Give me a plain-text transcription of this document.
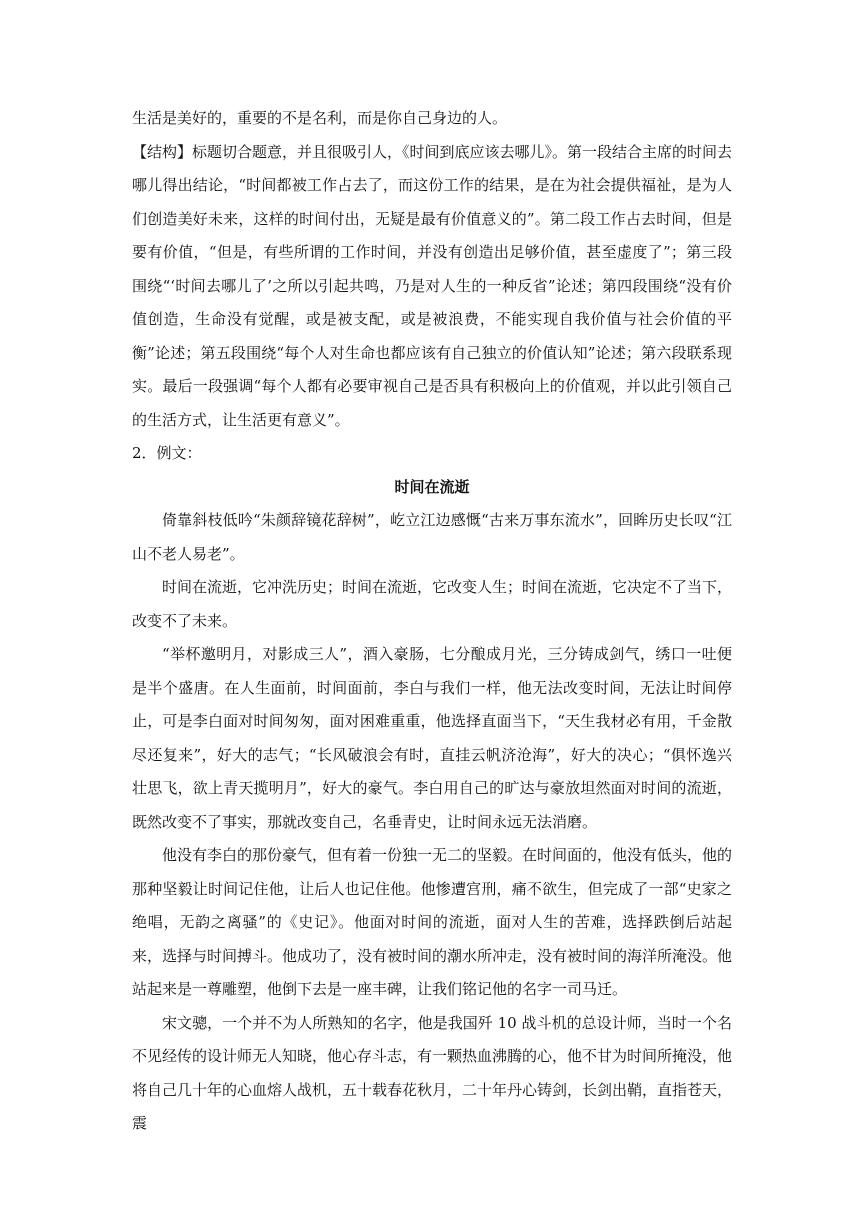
生活是美好的，重要的不是名利，而是你自己身边的人。

【结构】标题切合题意，并且很吸引人，《时间到底应该去哪儿》。第一段结合主席的时间去哪儿得出结论，“时间都被工作占去了，而这份工作的结果，是在为社会提供福祉，是为人们创造美好未来，这样的时间付出，无疑是最有价值意义的”。第二段工作占去时间，但是要有价值，“但是，有些所谓的工作时间，并没有创造出足够价值，甚至虚度了”；第三段围绕“‘时间去哪儿了’之所以引起共鸣，乃是对人生的一种反省”论述；第四段围绕“没有价值创造，生命没有觉醒，或是被支配，或是被浪费，不能实现自我价值与社会价值的平衡”论述；第五段围绕“每个人对生命也都应该有自己独立的价值认知”论述；第六段联系现实。最后一段强调“每个人都有必要审视自己是否具有积极向上的价值观，并以此引领自己的生活方式，让生活更有意义”。

2．例文：

时间在流逝

倚靠斜枝低吟“朱颜辞镜花辞树”，屹立江边感慨“古来万事东流水”，回眸历史长叹“江山不老人易老”。

时间在流逝，它冲洗历史；时间在流逝，它改变人生；时间在流逝，它决定不了当下，改变不了未来。

“举杯邀明月，对影成三人”，酒入豪肠，七分酿成月光，三分铸成剑气，绣口一吐便是半个盛唐。在人生面前，时间面前，李白与我们一样，他无法改变时间，无法让时间停止，可是李白面对时间匆匆，面对困难重重，他选择直面当下，“天生我材必有用，千金散尽还复来”，好大的志气；“长风破浪会有时，直挂云帆济沧海”，好大的决心；“俱怀逸兴壮思飞，欲上青天揽明月”，好大的豪气。李白用自己的旷达与豪放坦然面对时间的流逝，既然改变不了事实，那就改变自己，名垂青史，让时间永远无法消磨。

他没有李白的那份豪气，但有着一份独一无二的坚毅。在时间面的，他没有低头，他的那种坚毅让时间记住他，让后人也记住他。他惨遭宫刑，痛不欲生，但完成了一部“史家之绝唱，无韵之离骚”的《史记》。他面对时间的流逝，面对人生的苦难，选择跌倒后站起来，选择与时间搏斗。他成功了，没有被时间的潮水所冲走，没有被时间的海洋所淹没。他站起来是一尊雕塑，他倒下去是一座丰碑，让我们铭记他的名字一司马迁。

宋文骢，一个并不为人所熟知的名字，他是我国歼 10 战斗机的总设计师，当时一个名不见经传的设计师无人知晓，他心存斗志，有一颗热血沸腾的心，他不甘为时间所掩没，他将自己几十年的心血熔人战机，五十载春花秋月，二十年丹心铸剑，长剑出鞘，直指苍天，震
